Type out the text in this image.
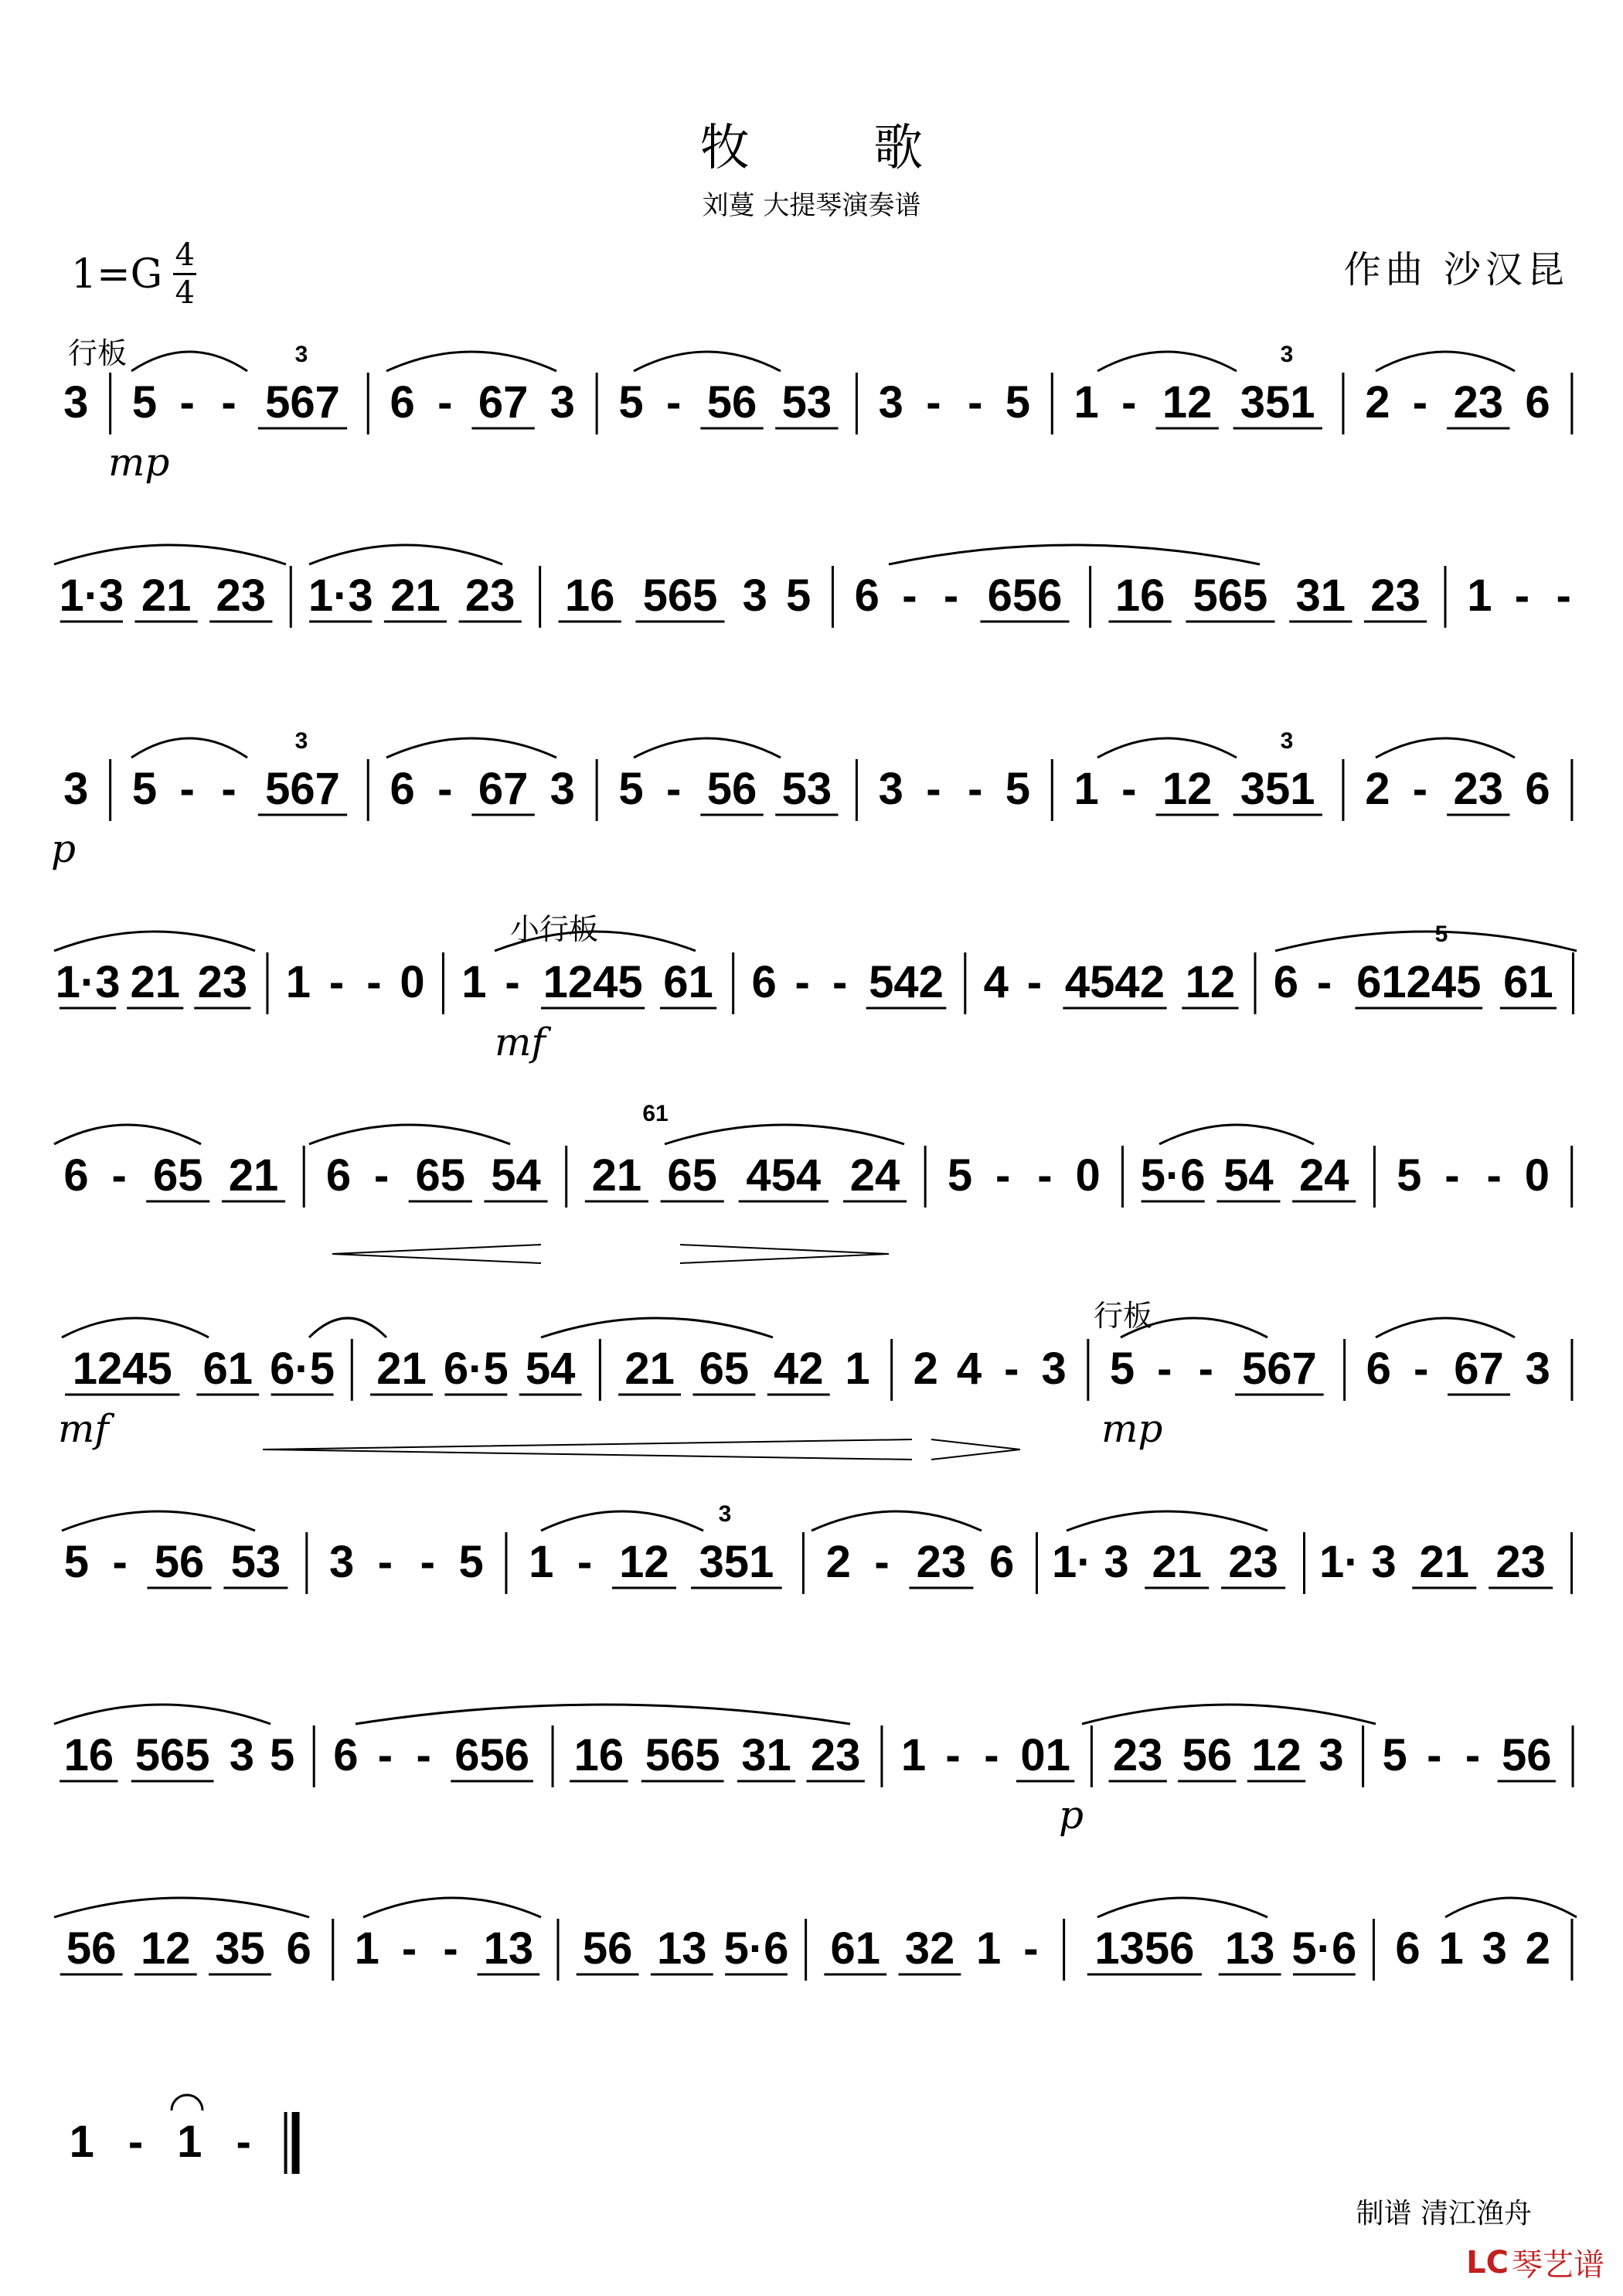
牧 歌
刘蔓 大提琴演奏谱
$1=G \frac{4}{4}$	作曲 沙汉昆
3 5 - - 567 6 - 67 3 5 - 56 53 3 - - 5 1 - 12 351 2 - 23 6
1·3 21 23 1·3 21 23 16 565 3 5 6 - - 656 16 565 31 23 1 - -
3 5 - - 567 6 - 67 3 5 - 56 53 3 - - 5 1 - 12 351 2 - 23 6
1·3 21 23 1 - - 0 1 - 1245 61 6 - - 542 4 - 4542 12 6 - 61245 61
6 - 65 21 6 - 65 54 21 65 454 24 5 - - 0 5·6 54 24 5 - - 0
1245 61 6·5 21 6·5 54 21 65 42 1 2 4 - 3 5 - - 567 6 - 67 3
5 - 56 53 3 - - 5 1 - 12 351 2 - 23 6 1· 3 21 23 1· 3 21 23
16 565 3 5 6 - - 656 16 565 31 23 1 - - 01 23 56 12 3 5 - - 56
56 12 35 6 1 - - 13 56 13 5·6 61 32 1 - 1356 13 5·6 6 1 3 2
1 - 1 -
行板
小行板
行板
mp
p
mf
mf	mp
p
3	3
3	3
5
61
3
制谱 清江渔舟
LC 琴艺谱
